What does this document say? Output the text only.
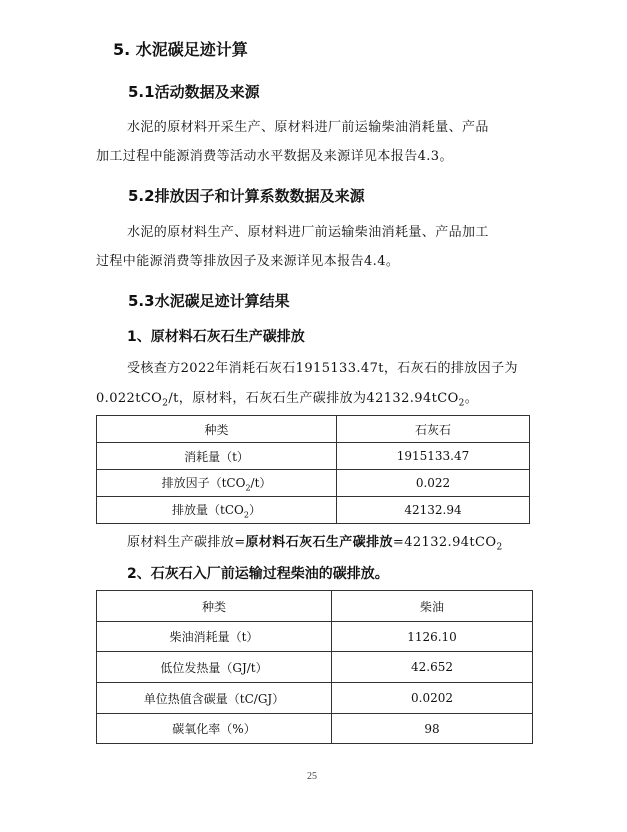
5. 水泥碳足迹计算
5.1活动数据及来源
水泥的原材料开采生产、原材料进厂前运输柴油消耗量、产品
加工过程中能源消费等活动水平数据及来源详见本报告4.3。
5.2排放因子和计算系数数据及来源
水泥的原材料生产、原材料进厂前运输柴油消耗量、产品加工
过程中能源消费等排放因子及来源详见本报告4.4。
5.3水泥碳足迹计算结果
1、原材料石灰石生产碳排放
受核查方2022年消耗石灰石1915133.47t，石灰石的排放因子为
0.022tCO$_2$/t，原材料，石灰石生产碳排放为42132.94tCO$_2$。
种类	石灰石
消耗量（t）	1915133.47
排放因子（tCO$_2$/t）	0.022
排放量（tCO$_2$）	42132.94
原材料生产碳排放=原材料石灰石生产碳排放=42132.94tCO$_2$
2、石灰石入厂前运输过程柴油的碳排放。
种类	柴油
柴油消耗量（t）	1126.10
低位发热量（GJ/t）	42.652
单位热值含碳量（tC/GJ）	0.0202
碳氧化率（%）	98
25
